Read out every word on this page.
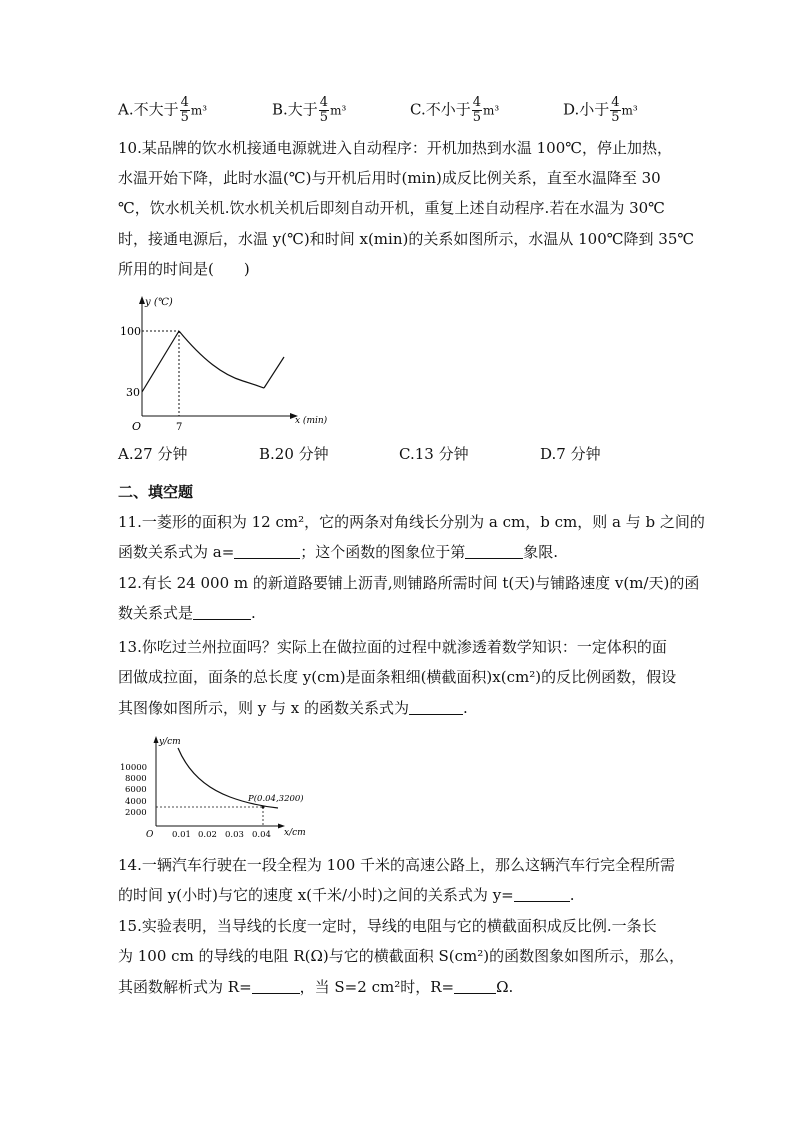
A.不大于 $\frac{4}{5} m^3$	B.大于 $\frac{4}{5} m^3$	C.不小于 $\frac{4}{5} m^3$	D.小于 $\frac{4}{5} m^3$
10.某品牌的饮水机接通电源就进入自动程序：开机加热到水温 100℃，停止加热，
水温开始下降，此时水温(℃)与开机后用时(min)成反比例关系，直至水温降至 30
℃，饮水机关机.饮水机关机后即刻自动开机，重复上述自动程序.若在水温为 30℃
时，接通电源后，水温 y(℃)和时间 x(min)的关系如图所示，水温从 100℃降到 35℃
所用的时间是(　　)
y (℃)
x (min)
100
30
7
O
A.27 分钟	B.20 分钟	C.13 分钟	D.7 分钟
二、填空题
11.一菱形的面积为 12 cm²，它的两条对角线长分别为 a cm，b cm，则 a 与 b 之间的
函数关系式为 a=	；这个函数的图象位于第	象限.
12.有长 24 000 m 的新道路要铺上沥青,则铺路所需时间 t(天)与铺路速度 v(m/天)的函
数关系式是	.
13.你吃过兰州拉面吗？实际上在做拉面的过程中就渗透着数学知识：一定体积的面
团做成拉面，面条的总长度 y(cm)是面条粗细(横截面积)x(cm²)的反比例函数，假设
其图像如图所示，则 y 与 x 的函数关系式为	.
10000
8000
6000
4000
2000
0.01 0.02 0.03 0.04
y/cm
x/cm
O
P(0.04,3200)
14.一辆汽车行驶在一段全程为 100 千米的高速公路上，那么这辆汽车行完全程所需
的时间 y(小时)与它的速度 x(千米/小时)之间的关系式为 y=	.
15.实验表明，当导线的长度一定时，导线的电阻与它的横截面积成反比例.一条长
为 100 cm 的导线的电阻 R(Ω)与它的横截面积 S(cm²)的函数图象如图所示，那么，
其函数解析式为 R=	，当 S=2 cm²时，R=	Ω.
